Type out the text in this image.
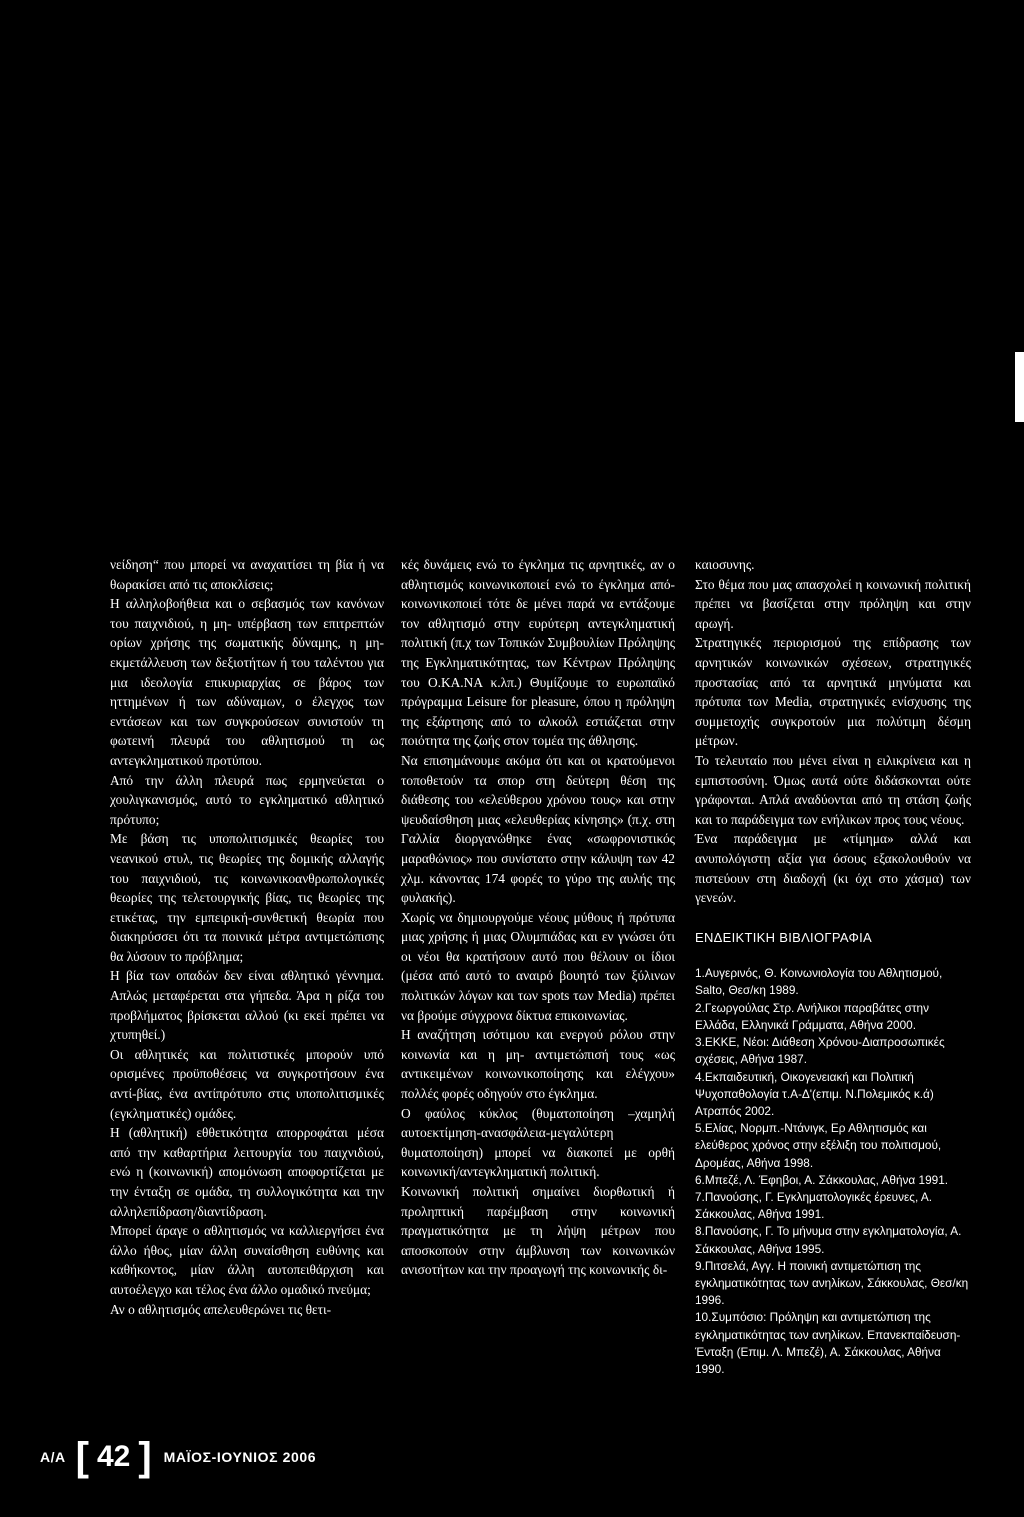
νείδηση“ που μπορεί να αναχαιτίσει τη βία ή να θωρακίσει από τις αποκλίσεις;

Η αλληλοβοήθεια και ο σεβασμός των κανόνων του παιχνιδιού, η μη- υπέρβαση των επιτρεπτών ορίων χρήσης της σωματικής δύναμης, η μη- εκμετάλλευση των δεξιοτήτων ή του ταλέντου για μια ιδεολογία επικυριαρχίας σε βάρος των ηττημένων ή των αδύναμων, ο έλεγχος των εντάσεων και των συγκρούσεων συνιστούν τη φωτεινή πλευρά του αθλητισμού τη ως αντεγκληματικού προτύπου.

Από την άλλη πλευρά πως ερμηνεύεται ο χουλιγκανισμός, αυτό το εγκληματικό αθλητικό πρότυπο;

Με βάση τις υποπολιτισμικές θεωρίες του νεανικού στυλ, τις θεωρίες της δομικής αλλαγής του παιχνιδιού, τις κοινωνικοανθρωπολογικές θεωρίες της τελετουργικής βίας, τις θεωρίες της ετικέτας, την εμπειρική-συνθετική θεωρία που διακηρύσσει ότι τα ποινικά μέτρα αντιμετώπισης θα λύσουν το πρόβλημα;

Η βία των οπαδών δεν είναι αθλητικό γέννημα. Απλώς μεταφέρεται στα γήπεδα. Άρα η ρίζα του προβλήματος βρίσκεται αλλού (κι εκεί πρέπει να χτυπηθεί.)

Οι αθλητικές και πολιτιστικές μπορούν υπό ορισμένες προϋποθέσεις να συγκροτήσουν ένα αντί-βίας, ένα αντίπρότυπο στις υποπολιτισμικές (εγκληματικές) ομάδες.

Η (αθλητική) εθθετικότητα απορροφάται μέσα από την καθαρτήρια λειτουργία του παιχνιδιού, ενώ η (κοινωνική) απομόνωση αποφορτίζεται με την ένταξη σε ομάδα, τη συλλογικότητα και την αλληλεπίδραση/διαντίδραση.

Μπορεί άραγε ο αθλητισμός να καλλιεργήσει ένα άλλο ήθος, μίαν άλλη συναίσθηση ευθύνης και καθήκοντος, μίαν άλλη αυτοπειθάρχιση και αυτοέλεγχο και τέλος ένα άλλο ομαδικό πνεύμα;

Αν ο αθλητισμός απελευθερώνει τις θετι-

κές δυνάμεις ενώ το έγκλημα τις αρνητικές, αν ο αθλητισμός κοινωνικοποιεί ενώ το έγκλημα από-κοινωνικοποιεί τότε δε μένει παρά να εντάξουμε τον αθλητισμό στην ευρύτερη αντεγκληματική πολιτική (π.χ των Τοπικών Συμβουλίων Πρόληψης της Εγκληματικότητας, των Κέντρων Πρόληψης του Ο.ΚΑ.ΝΑ κ.λπ.) Θυμίζουμε το ευρωπαϊκό πρόγραμμα Leisure for pleasure, όπου η πρόληψη της εξάρτησης από το αλκοόλ εστιάζεται στην ποιότητα της ζωής στον τομέα της άθλησης.

Να επισημάνουμε ακόμα ότι και οι κρατούμενοι τοποθετούν τα σπορ στη δεύτερη θέση της διάθεσης του «ελεύθερου χρόνου τους» και στην ψευδαίσθηση μιας «ελευθερίας κίνησης» (π.χ. στη Γαλλία διοργανώθηκε ένας «σωφρονιστικός μαραθώνιος» που συνίστατο στην κάλυψη των 42 χλμ. κάνοντας 174 φορές το γύρο της αυλής της φυλακής).

Χωρίς να δημιουργούμε νέους μύθους ή πρότυπα μιας χρήσης ή μιας Ολυμπιάδας και εν γνώσει ότι οι νέοι θα κρατήσουν αυτό που θέλουν οι ίδιοι (μέσα από αυτό το αναιρό βουητό των ξύλινων πολιτικών λόγων και των spots των Media) πρέπει να βρούμε σύγχρονα δίκτυα επικοινωνίας.

Η αναζήτηση ισότιμου και ενεργού ρόλου στην κοινωνία και η μη- αντιμετώπισή τους «ως αντικειμένων κοινωνικοποίησης και ελέγχου» πολλές φορές οδηγούν στο έγκλημα.

Ο φαύλος κύκλος (θυματοποίηση –χαμηλή αυτοεκτίμηση-ανασφάλεια-μεγαλύτερη θυματοποίηση) μπορεί να διακοπεί με ορθή κοινωνική/αντεγκληματική πολιτική.

Κοινωνική πολιτική σημαίνει διορθωτική ή προληπτική παρέμβαση στην κοινωνική πραγματικότητα με τη λήψη μέτρων που αποσκοπούν στην άμβλυνση των κοινωνικών ανισοτήτων και την προαγωγή της κοινωνικής δι-

καιοσυνης.

Στο θέμα που μας απασχολεί η κοινωνική πολιτική πρέπει να βασίζεται στην πρόληψη και στην αρωγή.

Στρατηγικές περιορισμού της επίδρασης των αρνητικών κοινωνικών σχέσεων, στρατηγικές προστασίας από τα αρνητικά μηνύματα και πρότυπα των Media, στρατηγικές ενίσχυσης της συμμετοχής συγκροτούν μια πολύτιμη δέσμη μέτρων.

Το τελευταίο που μένει είναι η ειλικρίνεια και η εμπιστοσύνη. Όμως αυτά ούτε διδάσκονται ούτε γράφονται. Απλά αναδύονται από τη στάση ζωής και το παράδειγμα των ενήλικων προς τους νέους.

Ένα παράδειγμα με «τίμημα» αλλά και ανυπολόγιστη αξία για όσους εξακολουθούν να πιστεύουν στη διαδοχή (κι όχι στο χάσμα) των γενεών.

ΕΝΔΕΙΚΤΙΚΗ ΒΙΒΛΙΟΓΡΑΦΙΑ

1.Αυγερινός, Θ. Κοινωνιολογία του Αθλητισμού, Salto, Θεσ/κη 1989.

2.Γεωργούλας Στρ. Ανήλικοι παραβάτες στην Ελλάδα, Ελληνικά Γράμματα, Αθήνα 2000.

3.ΕΚΚΕ, Νέοι: Διάθεση Χρόνου-Διαπροσωπικές σχέσεις, Αθήνα 1987.

4.Εκπαιδευτική, Οικογενειακή και Πολιτική Ψυχοπαθολογία τ.Α-Δ'(επιμ. Ν.Πολεμικός κ.ά) Ατραπός 2002.

5.Ελίας, Νορμπ.-Ντάνιγκ, Ερ Αθλητισμός και ελεύθερος χρόνος στην εξέλιξη του πολιτισμού, Δρομέας, Αθήνα 1998.

6.Μπεζέ, Λ. Έφηβοι, Α. Σάκκουλας, Αθήνα 1991.

7.Πανούσης, Γ. Εγκληματολογικές έρευνες, Α. Σάκκουλας, Αθήνα 1991.

8.Πανούσης, Γ. Το μήνυμα στην εγκληματολογία, Α. Σάκκουλας, Αθήνα 1995.

9.Πιτσελά, Αγγ. Η ποινική αντιμετώπιση της εγκληματικότητας των ανηλίκων, Σάκκουλας, Θεσ/κη 1996.

10.Συμπόσιο: Πρόληψη και αντιμετώπιση της εγκληματικότητας των ανηλίκων. Επανεκπαίδευση-Ένταξη (Επιμ. Λ. Μπεζέ), Α. Σάκκουλας, Αθήνα 1990.

Α/Α [ 42 ] ΜΑΪΟΣ-ΙΟΥΝΙΟΣ 2006
